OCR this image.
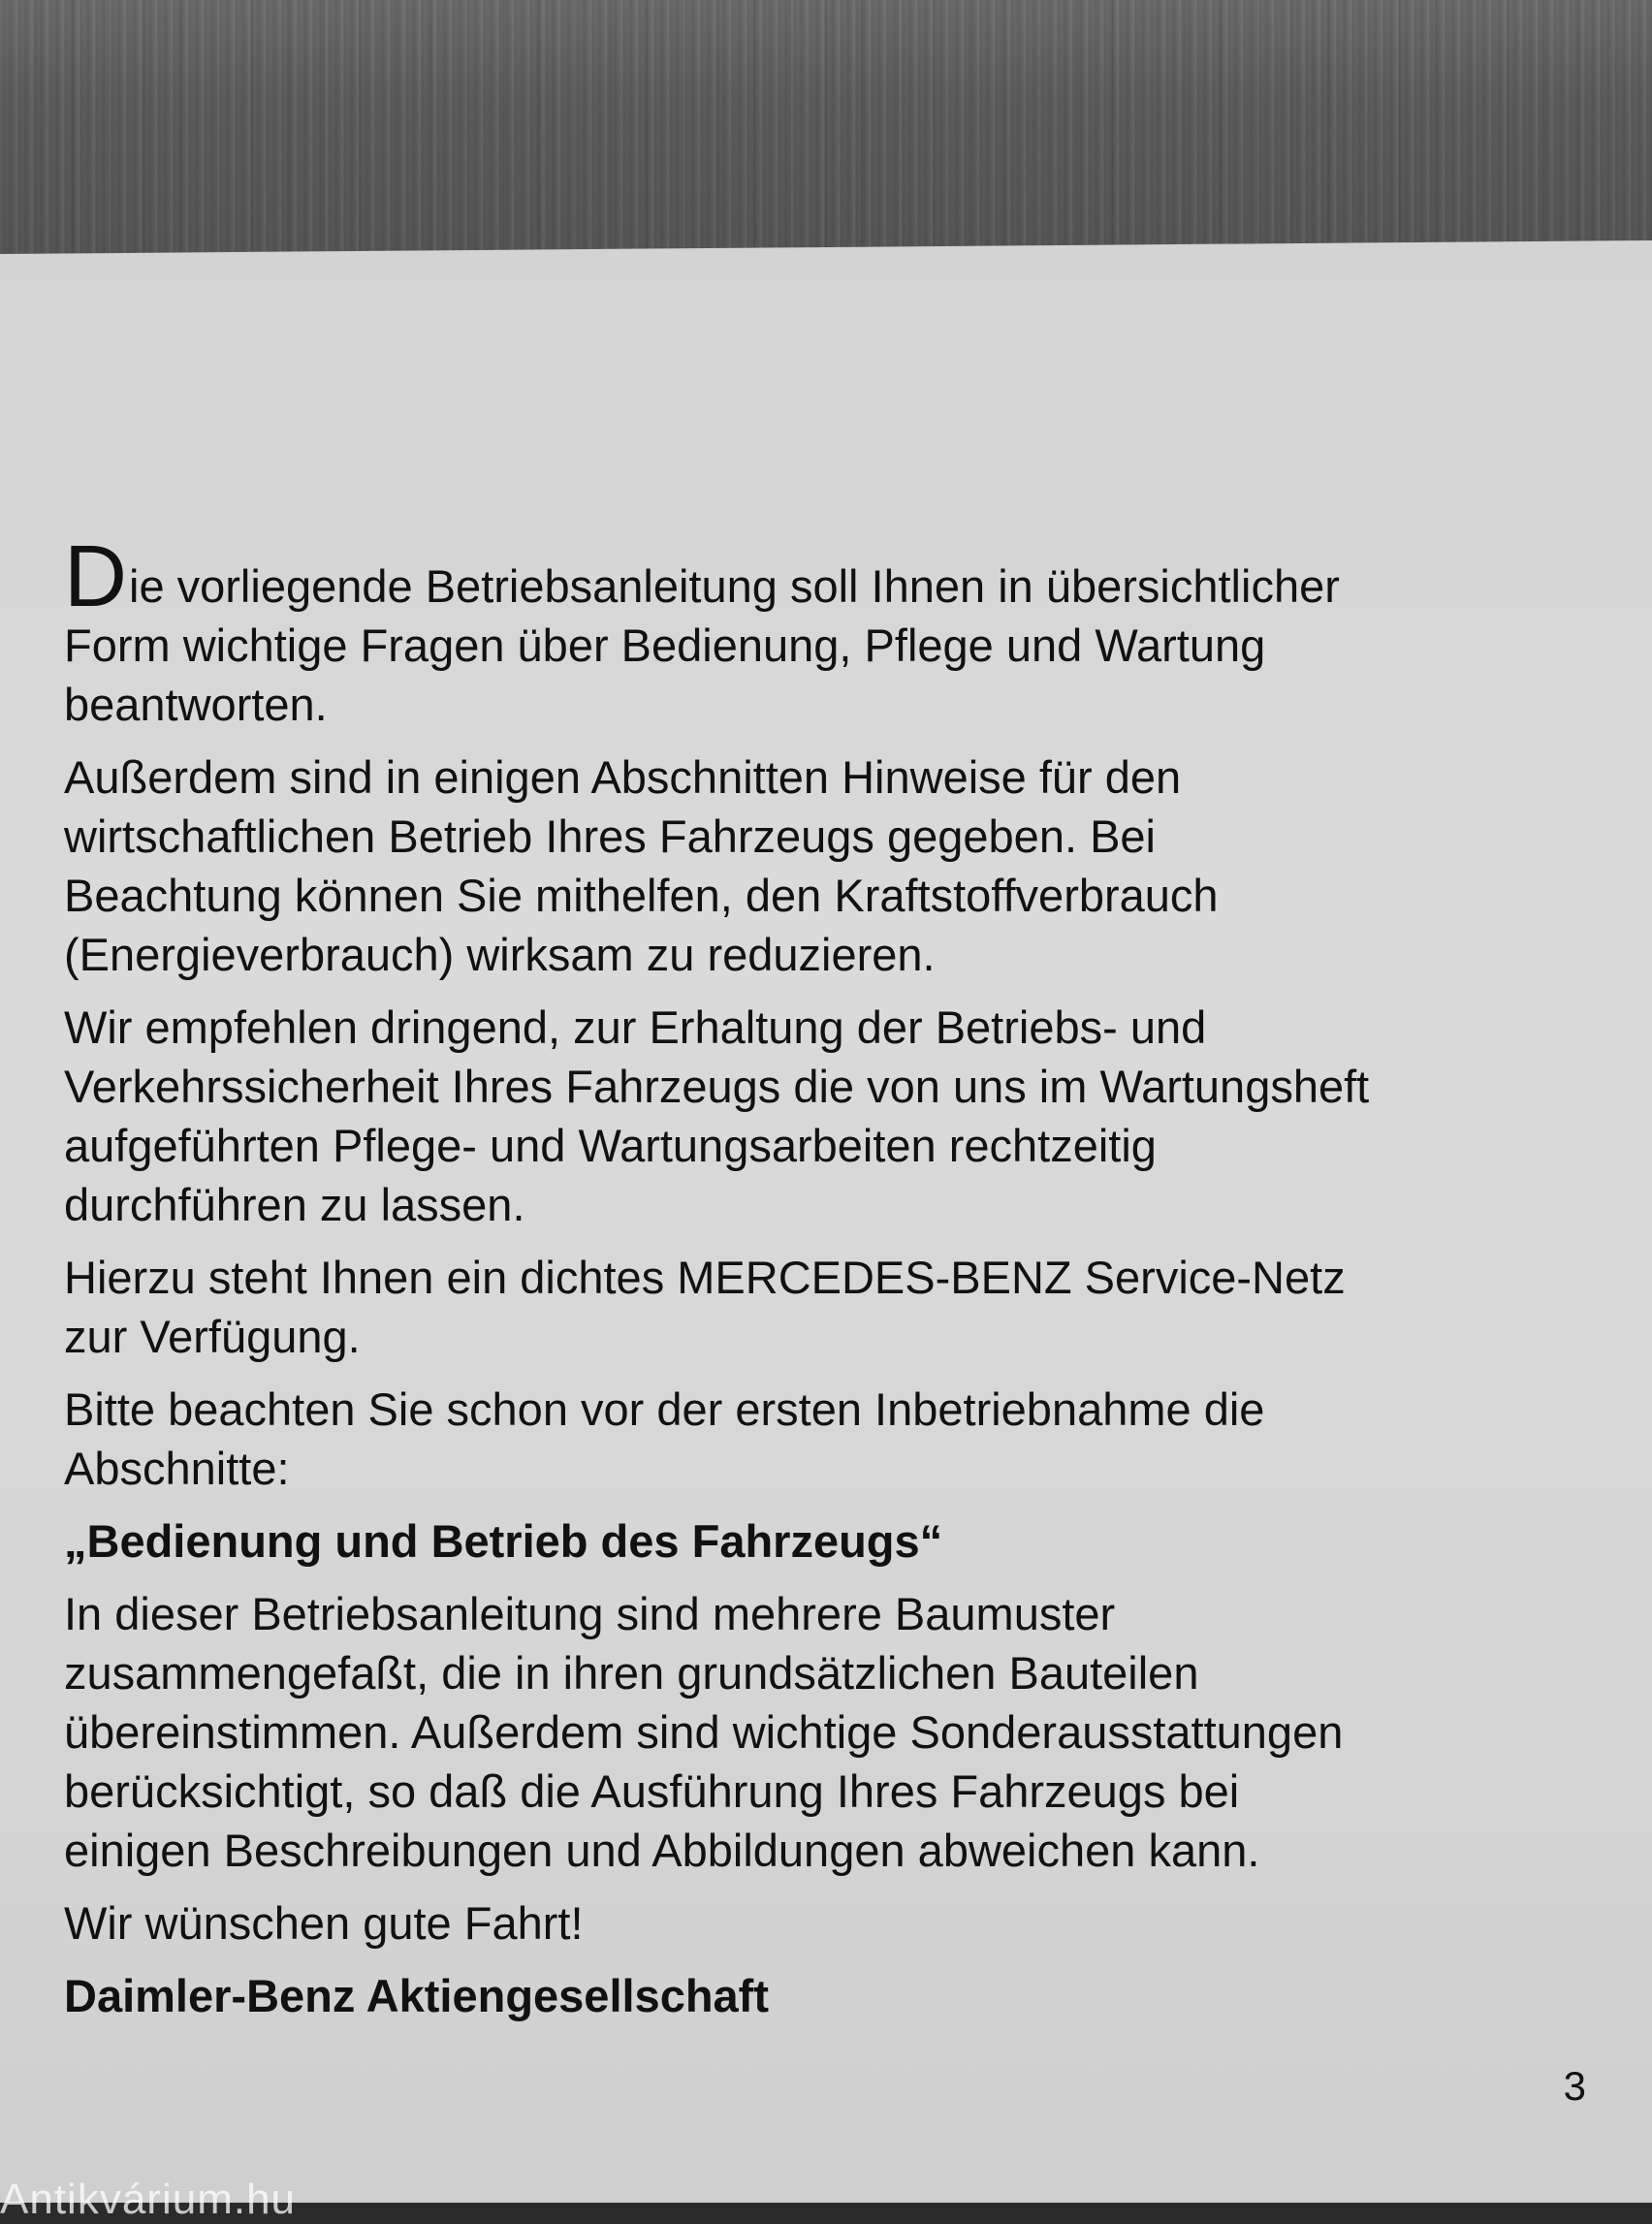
Die vorliegende Betriebsanleitung soll Ihnen in übersichtlicher
Form wichtige Fragen über Bedienung, Pflege und Wartung
beantworten.

Außerdem sind in einigen Abschnitten Hinweise für den
wirtschaftlichen Betrieb Ihres Fahrzeugs gegeben. Bei
Beachtung können Sie mithelfen, den Kraftstoffverbrauch
(Energieverbrauch) wirksam zu reduzieren.

Wir empfehlen dringend, zur Erhaltung der Betriebs- und
Verkehrssicherheit Ihres Fahrzeugs die von uns im Wartungsheft
aufgeführten Pflege- und Wartungsarbeiten rechtzeitig
durchführen zu lassen.

Hierzu steht Ihnen ein dichtes MERCEDES-BENZ Service-Netz
zur Verfügung.

Bitte beachten Sie schon vor der ersten Inbetriebnahme die
Abschnitte:

„Bedienung und Betrieb des Fahrzeugs“

In dieser Betriebsanleitung sind mehrere Baumuster
zusammengefaßt, die in ihren grundsätzlichen Bauteilen
übereinstimmen. Außerdem sind wichtige Sonderausstattungen
berücksichtigt, so daß die Ausführung Ihres Fahrzeugs bei
einigen Beschreibungen und Abbildungen abweichen kann.

Wir wünschen gute Fahrt!

Daimler-Benz Aktiengesellschaft

3
Antikvárium.hu
